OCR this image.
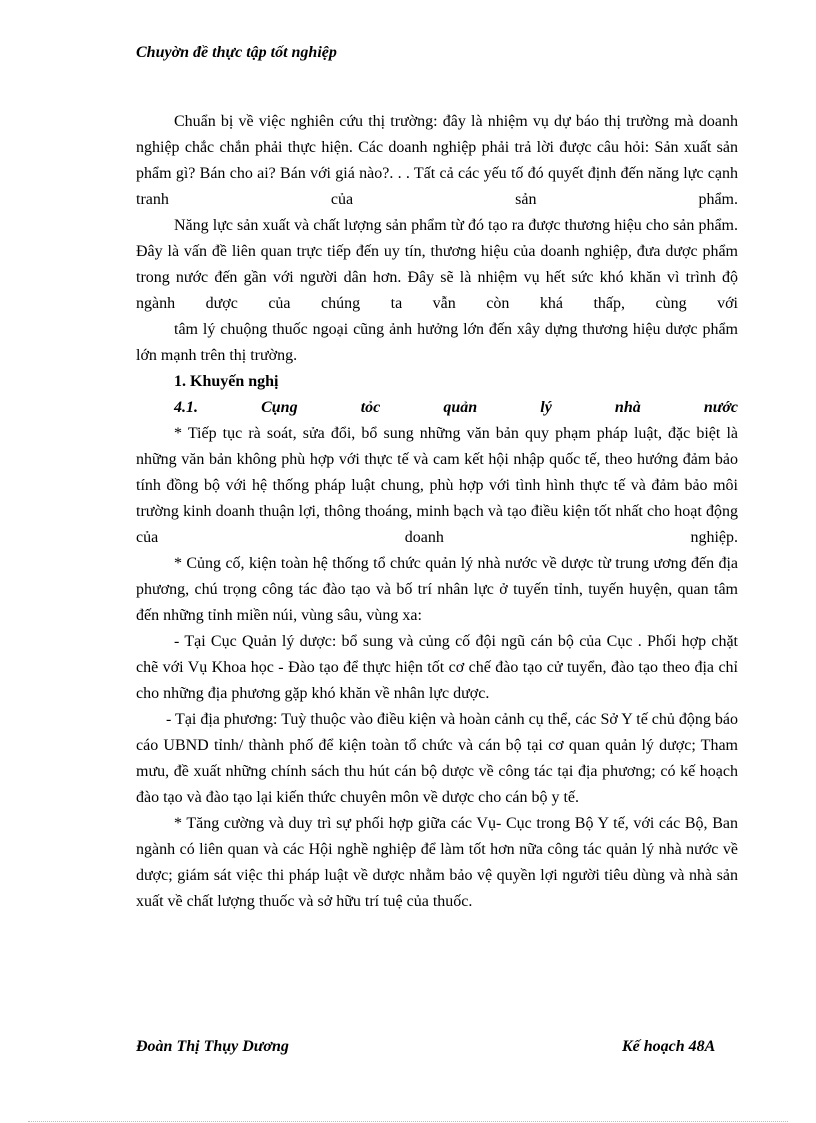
Chuyờn đề thực tập tốt nghiệp

Chuẩn bị về việc nghiên cứu thị trường: đây là nhiệm vụ dự báo thị trường mà doanh nghiệp chắc chắn phải thực hiện. Các doanh nghiệp phải trả lời được câu hỏi: Sản xuất sản phẩm gì? Bán cho ai? Bán với giá nào?. . . Tất cả các yếu tố đó quyết định đến năng lực cạnh tranh của sản phẩm.

Năng lực sản xuất và chất lượng sản phẩm từ đó tạo ra được thương hiệu cho sản phẩm. Đây là vấn đề liên quan trực tiếp đến uy tín, thương hiệu của doanh nghiệp, đưa dược phẩm trong nước đến gần với người dân hơn. Đây sẽ là nhiệm vụ hết sức khó khăn vì trình độ ngành dược của chúng ta vẫn còn khá thấp, cùng với

tâm lý chuộng thuốc ngoại cũng ảnh hưởng lớn đến xây dựng thương hiệu dược phẩm lớn mạnh trên thị trường.

1. Khuyến nghị

4.1. Cụng tỏc quản lý nhà nước

* Tiếp tục rà soát, sửa đổi, bổ sung những văn bản quy phạm pháp luật, đặc biệt là những văn bản không phù hợp với thực tế và cam kết hội nhập quốc tế, theo hướng đảm bảo tính đồng bộ với hệ thống pháp luật chung, phù hợp với tình hình thực tế và đảm bảo môi trường kinh doanh thuận lợi, thông thoáng, minh bạch và tạo điều kiện tốt nhất cho hoạt động của doanh nghiệp.

* Củng cố, kiện toàn hệ thống tổ chức quản lý nhà nước về dược từ trung ương đến địa phương, chú trọng công tác đào tạo và bố trí nhân lực ở tuyến tỉnh, tuyến huyện, quan tâm đến những tỉnh miền núi, vùng sâu, vùng xa:

- Tại Cục Quản lý dược: bổ sung và củng cố đội ngũ cán bộ của Cục . Phối hợp chặt chẽ với Vụ Khoa học - Đào tạo để thực hiện tốt cơ chế đào tạo cử tuyển, đào tạo theo địa chỉ cho những địa phương gặp khó khăn về nhân lực dược.

- Tại địa phương: Tuỳ thuộc vào điều kiện và hoàn cảnh cụ thể, các Sở Y tế chủ động báo cáo UBND tỉnh/ thành phố để kiện toàn tổ chức và cán bộ tại cơ quan quản lý dược; Tham mưu, đề xuất những chính sách thu hút cán bộ dược về công tác tại địa phương; có kế hoạch đào tạo và đào tạo lại kiến thức chuyên môn về dược cho cán bộ y tế.

* Tăng cường và duy trì sự phối hợp giữa các Vụ- Cục trong Bộ Y tế, với các Bộ, Ban ngành có liên quan và các Hội nghề nghiệp để làm tốt hơn nữa công tác quản lý nhà nước về dược; giám sát việc thi pháp luật về dược nhằm bảo vệ quyền lợi người tiêu dùng và nhà sản xuất về chất lượng thuốc và sở hữu trí tuệ của thuốc.

Đoàn Thị Thụy Dương	Kế hoạch 48A
